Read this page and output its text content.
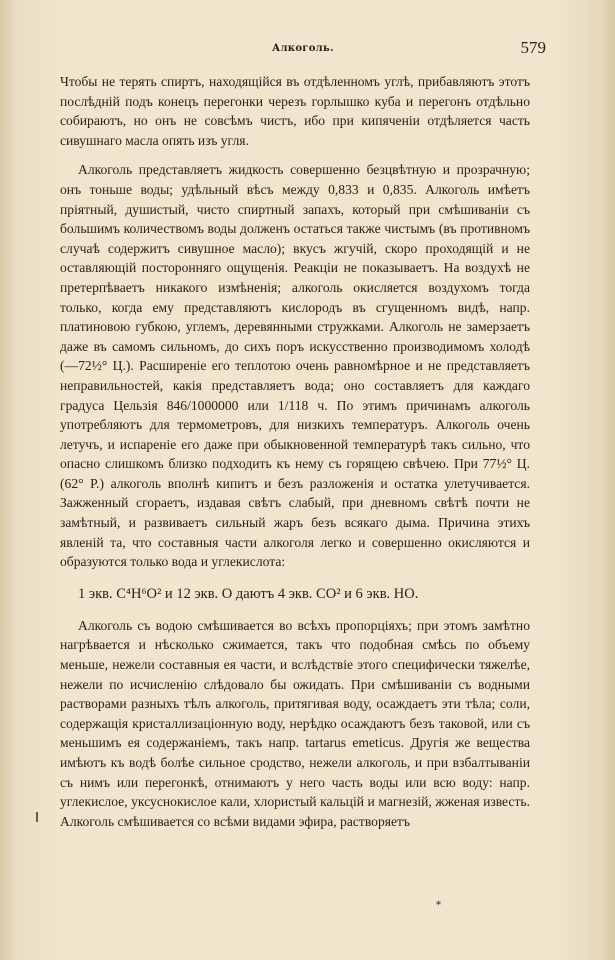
Алкоголь.	579

Чтобы не терять спиртъ, находящійся въ отдѣленномъ углѣ, прибавляютъ этотъ послѣдній подъ конецъ перегонки черезъ горлышко куба и перегонъ отдѣльно собираютъ, но онъ не совсѣмъ чистъ, ибо при кипяченіи отдѣляется часть сивушнаго масла опять изъ угля.

Алкоголь представляетъ жидкость совершенно безцвѣтную и прозрачную; онъ тоньше воды; удѣльный вѣсъ между 0,833 и 0,835. Алкоголь имѣетъ пріятный, душистый, чисто спиртный запахъ, который при смѣшиваніи съ большимъ количествомъ воды долженъ остаться также чистымъ (въ противномъ случаѣ содержитъ сивушное масло); вкусъ жгучій, скоро проходящій и не оставляющій посторонняго ощущенія. Реакціи не показываетъ. На воздухѣ не претерпѣваетъ никакого измѣненія; алкоголь окисляется воздухомъ тогда только, когда ему представляютъ кислородъ въ сгущенномъ видѣ, напр. платиновою губкою, углемъ, деревянными стружками. Алкоголь не замерзаетъ даже въ самомъ сильномъ, до сихъ поръ искусственно производимомъ холодѣ (—72½° Ц.). Расширеніе его теплотою очень равномѣрное и не представляетъ неправильностей, какія представляетъ вода; оно составляетъ для каждаго градуса Цельзія 846/1000000 или 1/118 ч. По этимъ причинамъ алкоголь употребляютъ для термометровъ, для низкихъ температуръ. Алкоголь очень летучъ, и испареніе его даже при обыкновенной температурѣ такъ сильно, что опасно слишкомъ близко подходить къ нему съ горящею свѣчею. При 77½° Ц. (62° Р.) алкоголь вполнѣ кипитъ и безъ разложенія и остатка улетучивается. Зажженный сгораетъ, издавая свѣтъ слабый, при дневномъ свѣтѣ почти не замѣтный, и развиваетъ сильный жаръ безъ всякаго дыма. Причина этихъ явленій та, что составныя части алкоголя легко и совершенно окисляются и образуются только вода и углекислота:

1 экв. C⁴H⁶O² и 12 экв. O даютъ 4 экв. CO² и 6 экв. HO.

Алкоголь съ водою смѣшивается во всѣхъ пропорціяхъ; при этомъ замѣтно нагрѣвается и нѣсколько сжимается, такъ что подобная смѣсь по объему меньше, нежели составныя ея части, и вслѣдствіе этого специфически тяжелѣе, нежели по исчисленію слѣдовало бы ожидать. При смѣшиваніи съ водными растворами разныхъ тѣлъ алкоголь, притягивая воду, осаждаетъ эти тѣла; соли, содержащія кристаллизаціонную воду, нерѣдко осаждаютъ безъ таковой, или съ меньшимъ ея содержаніемъ, такъ напр. tartarus emeticus. Другія же вещества имѣютъ къ водѣ болѣе сильное сродство, нежели алкоголь, и при взбалтываніи съ нимъ или перегонкѣ, отнимаютъ у него часть воды или всю воду: напр. углекислое, уксуснокислое кали, хлористый кальцій и магнезій, жженая известь. Алкоголь смѣшивается со всѣми видами эфира, растворяетъ

*
